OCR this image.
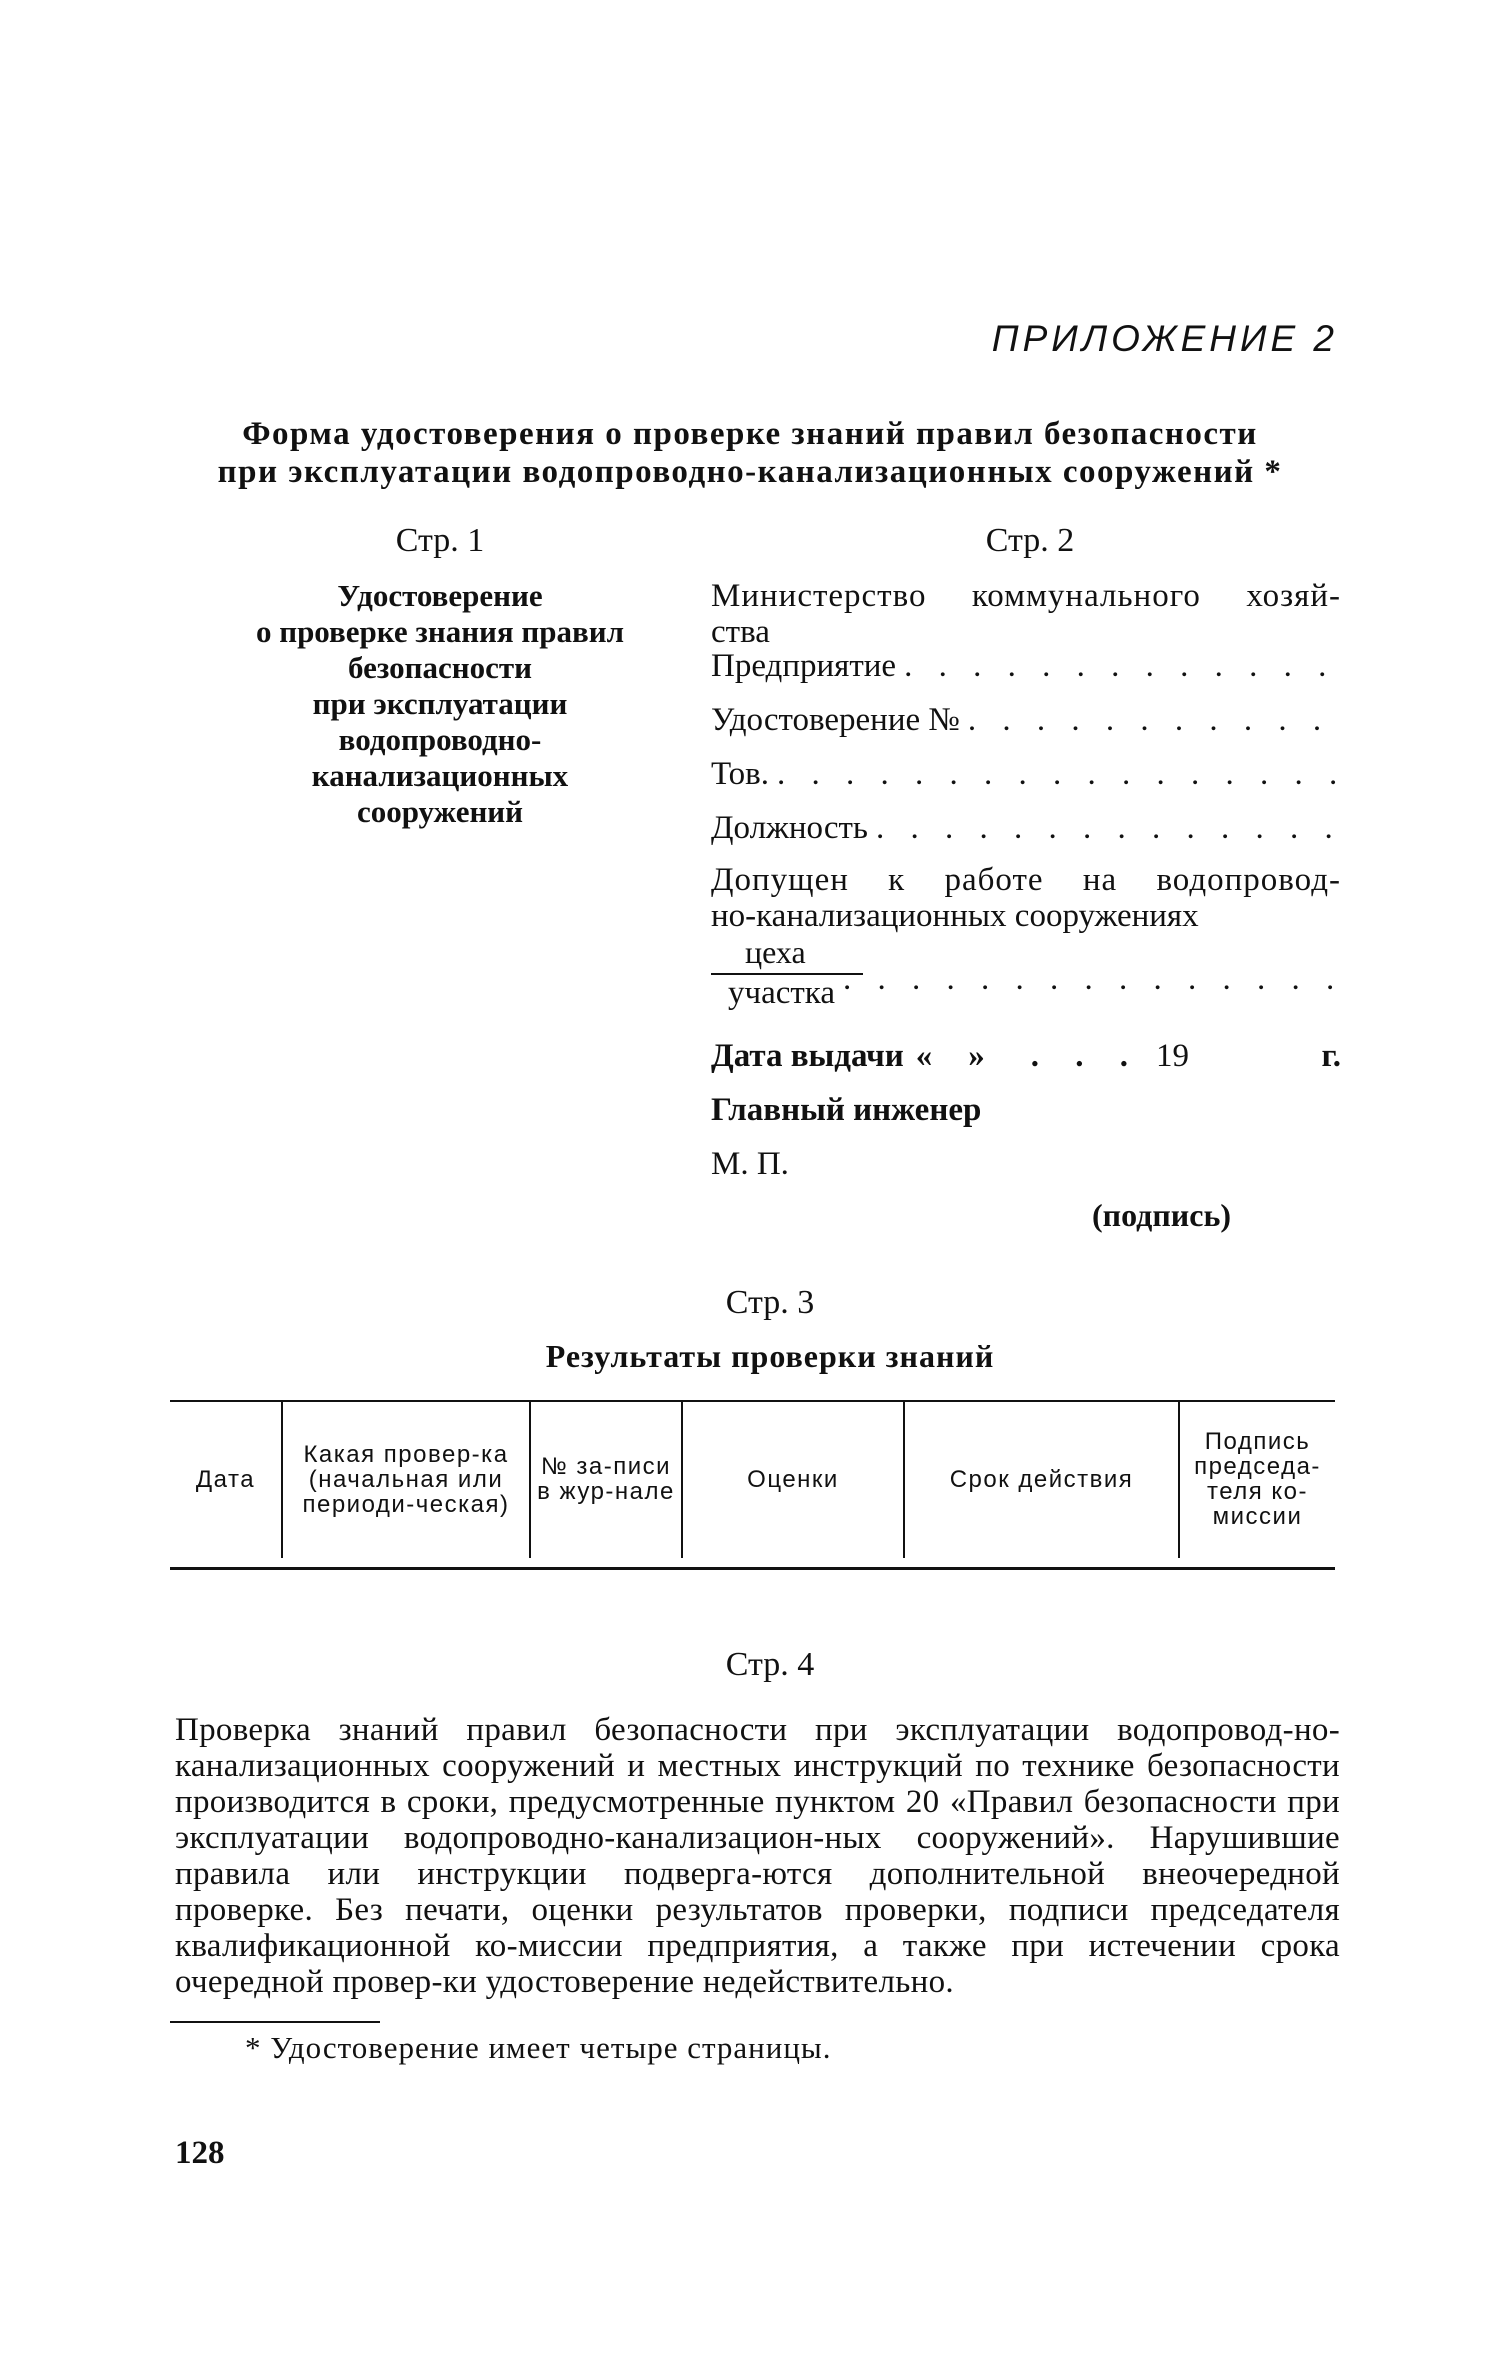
ПРИЛОЖЕНИЕ 2
Форма удостоверения о проверке знаний правил безопасности
при эксплуатации водопроводно-канализационных сооружений *
Стр. 1
Удостоверение
о проверке знания правил
безопасности
при эксплуатации
водопроводно-
канализационных
сооружений
Стр. 2
Министерство коммунального хозяй-
ства
Предприятие
. . .
Удостоверение №
. . .
Тов.
. . .
Должность
. . .
Допущен к работе на водопровод-
но-канализационных сооружениях
цеха
участка
. . .
Дата выдачи « » . . . 19	г.
Главный инженер
М. П.
(подпись)
Стр. 3
Результаты проверки знаний
Дата	Какая провер-ка (начальная или периоди-ческая)	№ за-писи в жур-нале	Оценки	Срок действия	Подпись председа-теля ко-миссии
Стр. 4
Проверка знаний правил безопасности при эксплуатации водопровод-но-канализационных сооружений и местных инструкций по технике безопасности производится в сроки, предусмотренные пунктом 20 «Правил безопасности при эксплуатации водопроводно-канализацион-ных сооружений». Нарушившие правила или инструкции подверга-ются дополнительной внеочередной проверке. Без печати, оценки результатов проверки, подписи председателя квалификационной ко-миссии предприятия, а также при истечении срока очередной провер-ки удостоверение недействительно.
* Удостоверение имеет четыре страницы.
128
